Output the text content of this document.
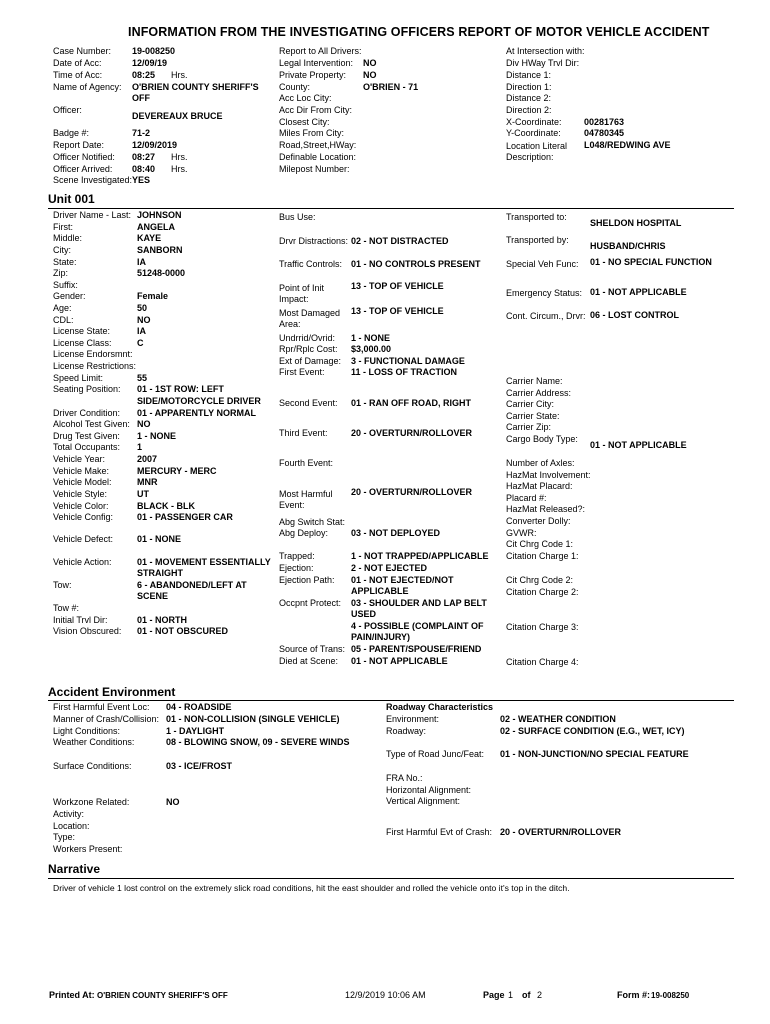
INFORMATION FROM THE INVESTIGATING OFFICERS REPORT OF MOTOR VEHICLE ACCIDENT
Case Number: 19-008250
Date of Acc:	12/09/19
Time of Acc:	08:25 Hrs.
Name of Agency: O'BRIEN COUNTY SHERIFF'S
OFF
Officer:
DEVEREAUX BRUCE
Badge #:	71-2
Report Date:	12/09/2019
Officer Notified: 08:27 Hrs.
Officer Arrived: 08:40 Hrs.
Scene Investigated: YES
Report to All Drivers:
Legal Intervention: NO
Private Property: NO
County:	O'BRIEN - 71
Acc Loc City:
Acc Dir From City:
Closest City:
Miles From City:
Road,Street,HWay:
Definable Location:
Milepost Number:
At Intersection with:
Div HWay Trvl Dir:
Distance 1:
Direction 1:
Distance 2:
Direction 2:
X-Coordinate: 00281763
Y-Coordinate:	04780345
Location Literal L048/REDWING AVE
Description:
Unit 001
Driver Name - Last: JOHNSON
First:	ANGELA
Middle:	KAYE
City:	SANBORN
State:	IA
Zip:	51248-0000
Suffix:
Gender:	Female
Age:	50
CDL:	NO
License State:	IA
License Class:	C
License Endorsmnt:
License Restrictions:
Speed Limit:	55
Seating Position: 01 - 1ST ROW: LEFT
SIDE/MOTORCYCLE DRIVER
Driver Condition: 01 - APPARENTLY NORMAL
Alcohol Test Given: NO
Drug Test Given: 1 - NONE
Total Occupants: 1
Vehicle Year:	2007
Vehicle Make:	MERCURY - MERC
Vehicle Model:	MNR
Vehicle Style:	UT
Vehicle Color:	BLACK - BLK
Vehicle Config:	01 - PASSENGER CAR
Vehicle Defect:	01 - NONE
Vehicle Action:	01 - MOVEMENT ESSENTIALLY
STRAIGHT
Tow:	6 - ABANDONED/LEFT AT
SCENE
Tow #:
Initial Trvl Dir:	01 - NORTH
Vision Obscured: 01 - NOT OBSCURED
Bus Use:
Drvr Distractions: 02 - NOT DISTRACTED
Traffic Controls: 01 - NO CONTROLS PRESENT
Point of Init	13 - TOP OF VEHICLE
Impact:
Most Damaged 13 - TOP OF VEHICLE
Area:
Undrrid/Ovrid: 1 - NONE
Rpr/Rplc Cost: $3,000.00
Ext of Damage: 3 - FUNCTIONAL DAMAGE
First Event:	11 - LOSS OF TRACTION
Second Event: 01 - RAN OFF ROAD, RIGHT
Third Event:	20 - OVERTURN/ROLLOVER
Fourth Event:
Most Harmful 20 - OVERTURN/ROLLOVER
Event:
Abg Switch Stat:
Abg Deploy:	03 - NOT DEPLOYED
Trapped:	1 - NOT TRAPPED/APPLICABLE
Ejection:	2 - NOT EJECTED
Ejection Path: 01 - NOT EJECTED/NOT
APPLICABLE
Occpnt Protect: 03 - SHOULDER AND LAP BELT
USED
4 - POSSIBLE (COMPLAINT OF
PAIN/INJURY)
Source of Trans: 05 - PARENT/SPOUSE/FRIEND
Died at Scene: 01 - NOT APPLICABLE
Transported to:
SHELDON HOSPITAL
Transported by:
HUSBAND/CHRIS
Special Veh Func: 01 - NO SPECIAL FUNCTION
Emergency Status: 01 - NOT APPLICABLE
Cont. Circum., Drvr: 06 - LOST CONTROL
Carrier Name:
Carrier Address:
Carrier City:
Carrier State:
Carrier Zip:
Cargo Body Type:
01 - NOT APPLICABLE
Number of Axles:
HazMat Involvement:
HazMat Placard:
Placard #:
HazMat Released?:
Converter Dolly:
GVWR:
Cit Chrg Code 1:
Citation Charge 1:
Cit Chrg Code 2:
Citation Charge 2:
Citation Charge 3:
Citation Charge 4:
Accident Environment
First Harmful Event Loc: 04 - ROADSIDE
Manner of Crash/Collision: 01 - NON-COLLISION (SINGLE VEHICLE)
Light Conditions:	1 - DAYLIGHT
Weather Conditions:	08 - BLOWING SNOW, 09 - SEVERE WINDS
Surface Conditions:	03 - ICE/FROST
Workzone Related:	NO
Activity:
Location:
Type:
Workers Present:
Roadway Characteristics
Environment:	02 - WEATHER CONDITION
Roadway:	02 - SURFACE CONDITION (E.G., WET, ICY)
Type of Road Junc/Feat: 01 - NON-JUNCTION/NO SPECIAL FEATURE
FRA No.:
Horizontal Alignment:
Vertical Alignment:
First Harmful Evt of Crash: 20 - OVERTURN/ROLLOVER
Narrative
Driver of vehicle 1 lost control on the extremely slick road conditions, hit the east shoulder and rolled the vehicle onto it's top in the ditch.
Printed At: O'BRIEN COUNTY SHERIFF'S OFF	12/9/2019 10:06 AM	Page 1 of 2	Form #: 19-008250
